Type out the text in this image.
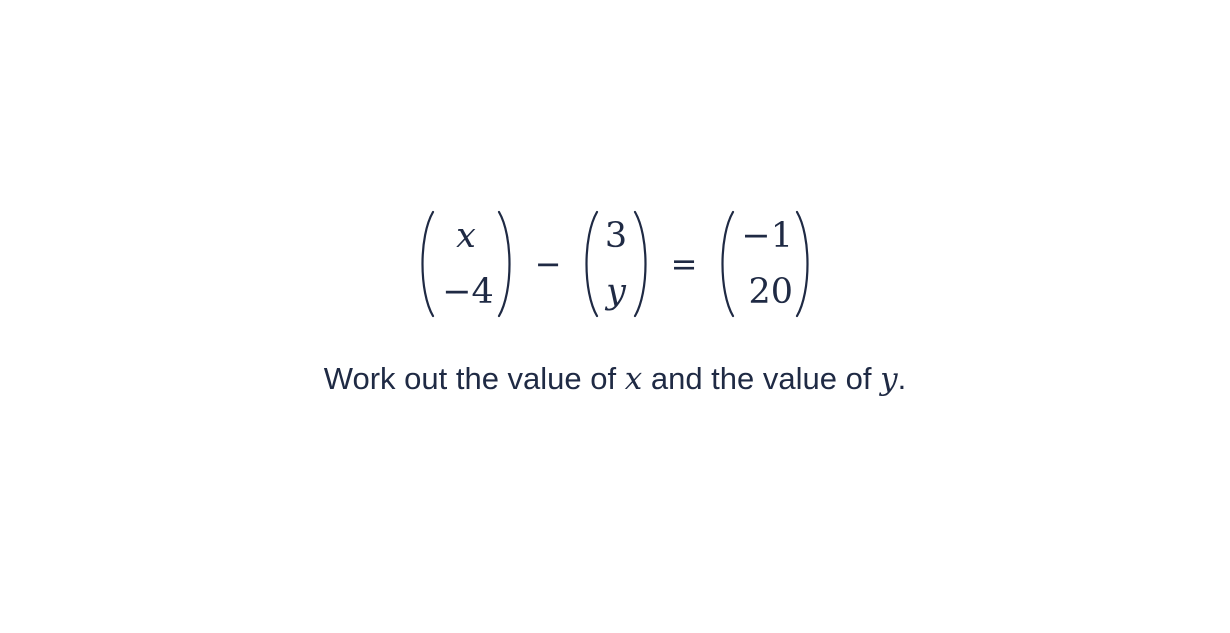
x
−4
−
3
y
=
−1
20
Work out the value of x and the value of y.
